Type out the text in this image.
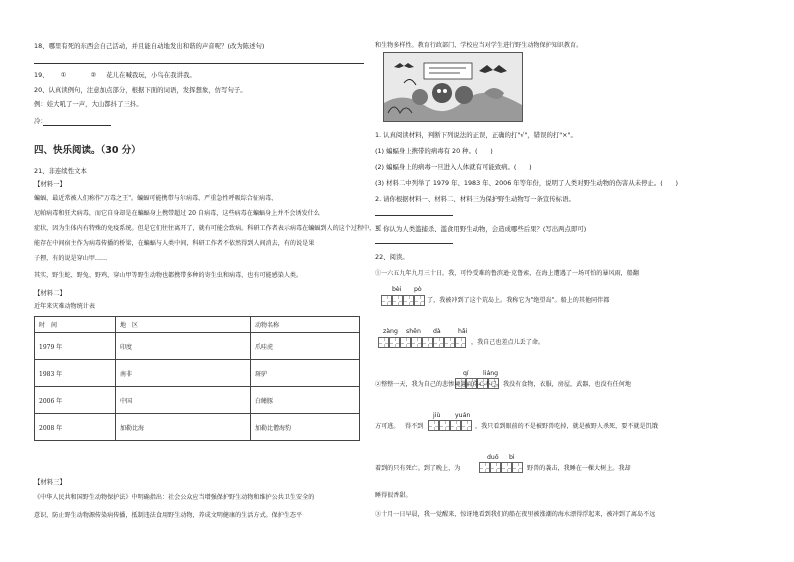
18、哪里有死的东西会自己活动，并且能自动地发出和谐的声音呢？(改为陈述句)
19、 ①	② 花儿在喊我玩，小鸟在我讲我。
20、认真读例句，注意加点部分，根据下面的词语，发挥想象，仿写句子。
例：娃大吼了一声，大山都抖了三抖。
冷：
四、快乐阅读。（30 分）
21、非连续性文本
【材料一】
蝙蝠，最近常被人们称作"万毒之王"。蝙蝠可能携带与尔病毒、严重急性呼吸综合征病毒、
尼帕病毒和狂犬病毒，而它自身却是在蝙蝠身上携带超过 20 自病毒，这些病毒在蝙蝠身上并不会诱发什么
症状，因为生体内有特殊的免疫系统。但是它们往往离开了，就有可能会致病。科研工作者表示病毒在蝙蝠到人的这个过程中，可
能存在中间宿主作为病毒传播的桥梁，在蝙蝠与人类中间，科研工作者不依然得到人间消去，有的说是果
子狸，有的说是穿山甲……
其实，野生蛇、野兔、野鸡，穿山甲等野生动物也都携带多种的寄生虫和病毒，也有可能感染人类。
【材料二】
近年来灾难动物统计表
时　间	地　区	动物名称
1979 年	印度	爪哇虎
1983 年	南非	斑驴
2006 年	中国	白鳍豚
2008 年	加勒比海	加勒比僧海豹
【材料三】
《中华人民共和国野生动物保护法》中明确指出：社会公众应当增强保护野生动物和维护公共卫生安全的
意识，防止野生动物源传染病传播，抵制违法食用野生动物，养成文明健康的生活方式。保护生态平
和生物多样性。教育行政部门、学校应当对学生进行野生动物保护知识教育。
1. 认真阅读材料，判断下列说法的正误，正确的打"√"，错误的打"×"。
(1) 蝙蝠身上携带的病毒有 20 种。(　　)
(2) 蝙蝠身上的病毒一旦进入人体就有可能致病。(　　)
(3) 材料二中列举了 1979 年、1983 年、2006 年等年份，说明了人类对野生动物的伤害从未停止。(　　)
2. 请你根据材料一、材料二、材料三为保护野生动物写一条宣传标语。
3. 你认为人类滥捕杀、滥食用野生动物，会造成哪些后果？(写出两点即可)
22、阅读。
①一六五九年九月三十日，我，可怜受难的鲁滨逊·克鲁索，在海上遭遇了一场可怕的暴风雨，船翻
bèi pò
了，我被冲到了这个荒岛上。我称它为"绝望岛"。船上的其他同伴都
zàng shēn dà	hǎi
，我自己也差点儿丢了命。
qí liáng
②整整一天，我为自己的悲惨境遇而伤心不已。我没有食物，衣服，房屋，武器，也没有任何地
jiù yuán
方可逃。 得不到	，我只看到眼前的不是被野兽吃掉，就是被野人杀死，要不就是饥饿
duǒ bì
着到的只有死亡。到了晚上，为	野兽的袭击，我睡在一棵大树上。我却
睡得很香甜。
③十月一日早晨，我一觉醒来，惊讶地看到我们的船在夜里被涨潮的海水漂得浮起来，被冲到了离岛不远
